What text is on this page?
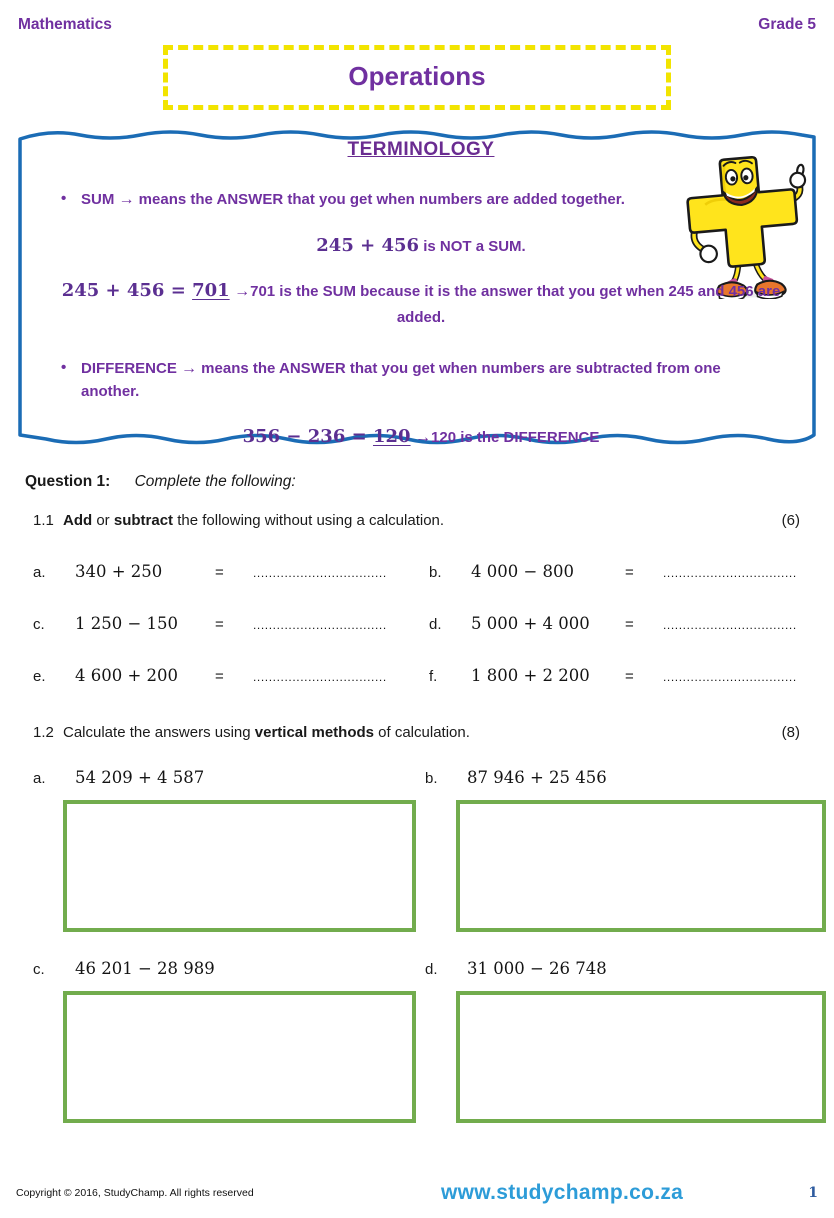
Mathematics	Grade 5
Operations
TERMINOLOGY
• SUM → means the ANSWER that you get when numbers are added together.
245 + 456 is NOT a SUM.
245 + 456 = 701 →701 is the SUM because it is the answer that you get when 245 and 456 are added.
• DIFFERENCE → means the ANSWER that you get when numbers are subtracted from one another.
356 − 236 = 120 →120 is the DIFFERENCE
Question 1: Complete the following:
1.1 Add or subtract the following without using a calculation.	(6)
a.	340 + 250	=	..................................	b.	4 000 − 800	=	..................................
c.	1 250 − 150	=	..................................	d.	5 000 + 4 000	=	..................................
e.	4 600 + 200	=	..................................	f.	1 800 + 2 200	=	..................................
1.2 Calculate the answers using vertical methods of calculation.	(8)
a.	54 209 + 4 587	b.	87 946 + 25 456
c.	46 201 − 28 989	d.	31 000 − 26 748
Copyright © 2016, StudyChamp. All rights reserved	www.studychamp.co.za	1
